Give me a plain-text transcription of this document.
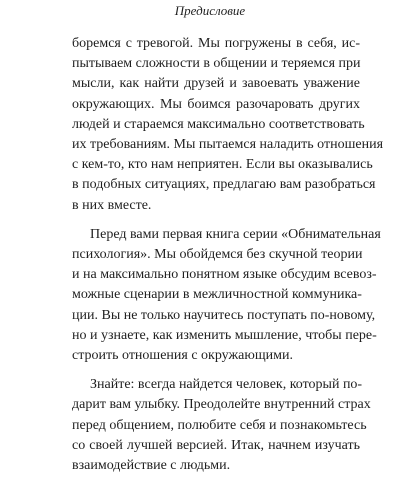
Предисловие

боремся с тревогой. Мы погружены в себя, ис-
пытываем сложности в общении и теряемся при
мысли, как найти друзей и завоевать уважение
окружающих. Мы боимся разочаровать других
людей и стараемся максимально соответствовать
их требованиям. Мы пытаемся наладить отношения
с кем-то, кто нам неприятен. Если вы оказывались
в подобных ситуациях, предлагаю вам разобраться
в них вместе.

Перед вами первая книга серии «Обнимательная
психология». Мы обойдемся без скучной теории
и на максимально понятном языке обсудим всевоз-
можные сценарии в межличностной коммуника-
ции. Вы не только научитесь поступать по-новому,
но и узнаете, как изменить мышление, чтобы пере-
строить отношения с окружающими.

Знайте: всегда найдется человек, который по-
дарит вам улыбку. Преодолейте внутренний страх
перед общением, полюбите себя и познакомьтесь
со своей лучшей версией. Итак, начнем изучать
взаимодействие с людьми.
